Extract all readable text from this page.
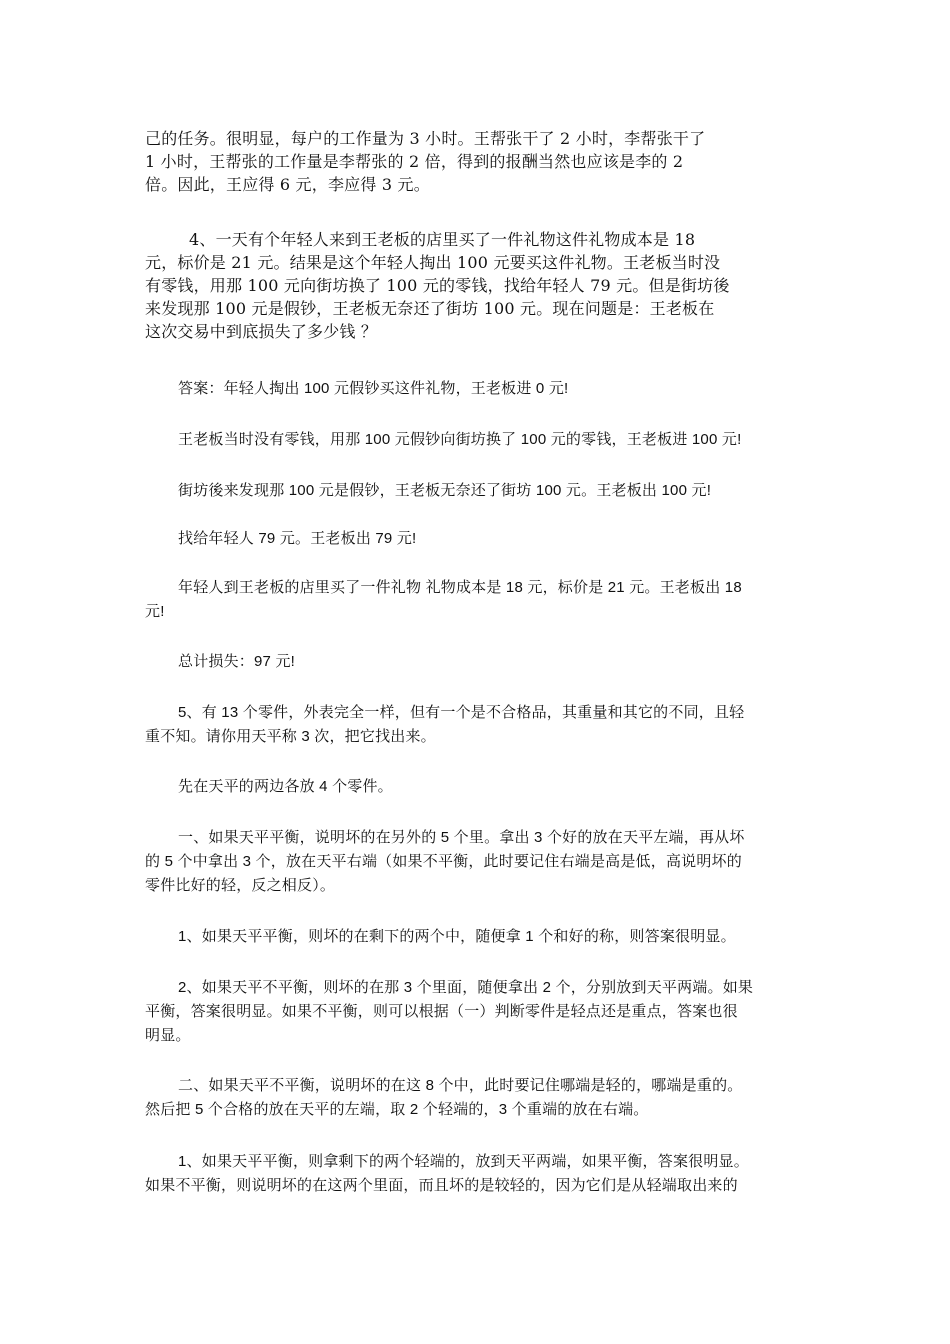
己的任务。很明显，每户的工作量为 3 小时。王帮张干了 2 小时，李帮张干了
1 小时，王帮张的工作量是李帮张的 2 倍，得到的报酬当然也应该是李的 2
倍。因此，王应得 6 元，李应得 3 元。

4、一天有个年轻人来到王老板的店里买了一件礼物这件礼物成本是 18
元，标价是 21 元。结果是这个年轻人掏出 100 元要买这件礼物。王老板当时没
有零钱，用那 100 元向街坊换了 100 元的零钱，找给年轻人 79 元。但是街坊後
来发现那 100 元是假钞，王老板无奈还了街坊 100 元。现在问题是：王老板在
这次交易中到底损失了多少钱 ？

答案：年轻人掏出 100 元假钞买这件礼物，王老板进 0 元!

王老板当时没有零钱，用那 100 元假钞向街坊换了 100 元的零钱，王老板进 100 元!

街坊後来发现那 100 元是假钞，王老板无奈还了街坊 100 元。王老板出 100 元!

找给年轻人 79 元。王老板出 79 元!

年轻人到王老板的店里买了一件礼物 礼物成本是 18 元，标价是 21 元。王老板出 18
元!

总计损失：97 元!

5、有 13 个零件，外表完全一样，但有一个是不合格品，其重量和其它的不同，且轻
重不知。请你用天平称 3 次，把它找出来。

先在天平的两边各放 4 个零件。

一、如果天平平衡，说明坏的在另外的 5 个里。拿出 3 个好的放在天平左端，再从坏
的 5 个中拿出 3 个，放在天平右端（如果不平衡，此时要记住右端是高是低，高说明坏的
零件比好的轻，反之相反）。

1、如果天平平衡，则坏的在剩下的两个中，随便拿 1 个和好的称，则答案很明显。

2、如果天平不平衡，则坏的在那 3 个里面，随便拿出 2 个，分别放到天平两端。如果
平衡，答案很明显。如果不平衡，则可以根据（一）判断零件是轻点还是重点，答案也很
明显。

二、如果天平不平衡，说明坏的在这 8 个中，此时要记住哪端是轻的，哪端是重的。
然后把 5 个合格的放在天平的左端，取 2 个轻端的，3 个重端的放在右端。

1、如果天平平衡，则拿剩下的两个轻端的，放到天平两端，如果平衡，答案很明显。
如果不平衡，则说明坏的在这两个里面，而且坏的是较轻的，因为它们是从轻端取出来的
